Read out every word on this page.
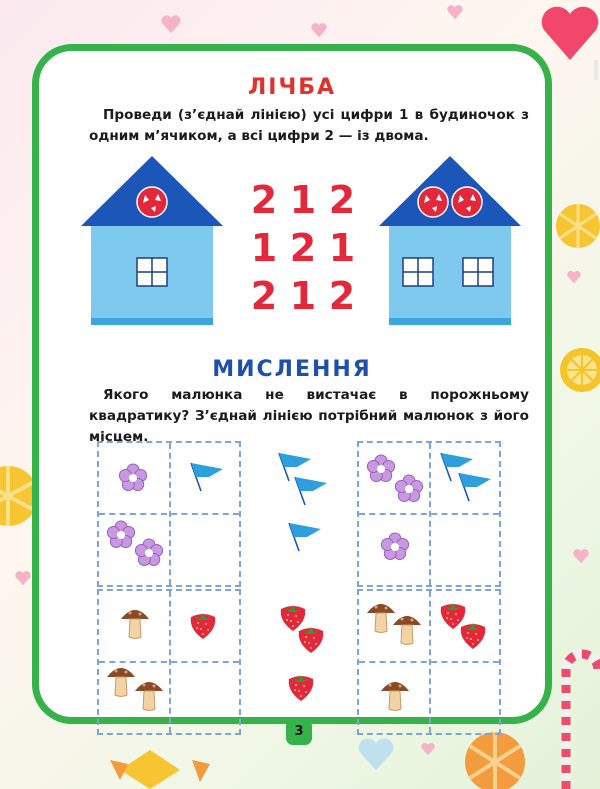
ЛІЧБА
Проведи (з’єднай лінією) усі цифри 1 в будиночок з одним м’ячиком, а всі цифри 2 — із двома.
2 1 2
1 2 1
2 1 2
МИСЛЕННЯ
Якого малюнка не вистачає в порожньому квадратику? З’єднай лінією потрібний малюнок з його місцем.
3
